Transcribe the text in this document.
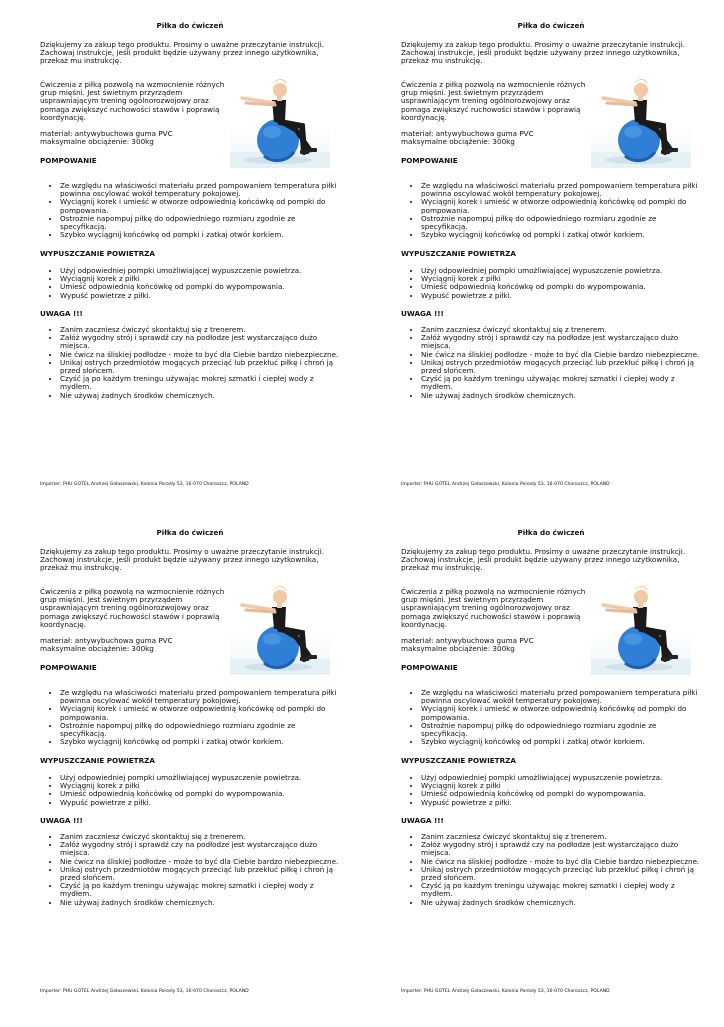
Piłka do ćwiczeń

Dziękujemy za zakup tego produktu. Prosimy o uważne przeczytanie instrukcji. Zachowaj instrukcje, jeśli produkt będzie używany przez innego użytkownika, przekaż mu instrukcję.

Ćwiczenia z piłką pozwolą na wzmocnienie różnych grup mięśni. Jest świetnym przyrządem usprawniającym trening ogólnorozwojowy oraz pomaga zwiększyć ruchowości stawów i poprawią koordynację.

materiał: antywybuchowa guma PVC
maksymalne obciążenie: 300kg

POMPOWANIE

• Ze względu na właściwości materiału przed pompowaniem temperatura piłki powinna oscylować wokół temperatury pokojowej.
• Wyciągnij korek i umieść w otworze odpowiednią końcówkę od pompki do pompowania.
• Ostrożnie napompuj piłkę do odpowiedniego rozmiaru zgodnie ze specyfikacją.
• Szybko wyciągnij końcówkę od pompki i zatkaj otwór korkiem.

WYPUSZCZANIE POWIETRZA

• Użyj odpowiedniej pompki umożliwiającej wypuszczenie powietrza.
• Wyciągnij korek z piłki
• Umieść odpowiednią końcówkę od pompki do wypompowania.
• Wypuść powietrze z piłki.

UWAGA !!!

• Zanim zaczniesz ćwiczyć skontaktuj się z trenerem.
• Załóż wygodny strój i sprawdź czy na podłodze jest wystarczająco dużo miejsca.
• Nie ćwicz na śliskiej podłodze - może to być dla Ciebie bardzo niebezpieczne.
• Unikaj ostrych przedmiotów mogących przeciąć lub przekłuć piłkę i chroń ją przed słońcem.
• Czyść ją po każdym treningu używając mokrej szmatki i ciepłej wody z mydłem.
• Nie używaj żadnych środków chemicznych.

Importer: PHU GOTEL Andrzej Gołaszewski, Kolonia Porosły 53, 16-070 Choroszcz, POLAND

Piłka do ćwiczeń

Dziękujemy za zakup tego produktu. Prosimy o uważne przeczytanie instrukcji. Zachowaj instrukcje, jeśli produkt będzie używany przez innego użytkownika, przekaż mu instrukcję.

Ćwiczenia z piłką pozwolą na wzmocnienie różnych grup mięśni. Jest świetnym przyrządem usprawniającym trening ogólnorozwojowy oraz pomaga zwiększyć ruchowości stawów i poprawią koordynację.

materiał: antywybuchowa guma PVC
maksymalne obciążenie: 300kg

POMPOWANIE

• Ze względu na właściwości materiału przed pompowaniem temperatura piłki powinna oscylować wokół temperatury pokojowej.
• Wyciągnij korek i umieść w otworze odpowiednią końcówkę od pompki do pompowania.
• Ostrożnie napompuj piłkę do odpowiedniego rozmiaru zgodnie ze specyfikacją.
• Szybko wyciągnij końcówkę od pompki i zatkaj otwór korkiem.

WYPUSZCZANIE POWIETRZA

• Użyj odpowiedniej pompki umożliwiającej wypuszczenie powietrza.
• Wyciągnij korek z piłki
• Umieść odpowiednią końcówkę od pompki do wypompowania.
• Wypuść powietrze z piłki.

UWAGA !!!

• Zanim zaczniesz ćwiczyć skontaktuj się z trenerem.
• Załóż wygodny strój i sprawdź czy na podłodze jest wystarczająco dużo miejsca.
• Nie ćwicz na śliskiej podłodze - może to być dla Ciebie bardzo niebezpieczne.
• Unikaj ostrych przedmiotów mogących przeciąć lub przekłuć piłkę i chroń ją przed słońcem.
• Czyść ją po każdym treningu używając mokrej szmatki i ciepłej wody z mydłem.
• Nie używaj żadnych środków chemicznych.

Importer: PHU GOTEL Andrzej Gołaszewski, Kolonia Porosły 53, 16-070 Choroszcz, POLAND

Piłka do ćwiczeń

Dziękujemy za zakup tego produktu. Prosimy o uważne przeczytanie instrukcji. Zachowaj instrukcje, jeśli produkt będzie używany przez innego użytkownika, przekaż mu instrukcję.

Ćwiczenia z piłką pozwolą na wzmocnienie różnych grup mięśni. Jest świetnym przyrządem usprawniającym trening ogólnorozwojowy oraz pomaga zwiększyć ruchowości stawów i poprawią koordynację.

materiał: antywybuchowa guma PVC
maksymalne obciążenie: 300kg

POMPOWANIE

• Ze względu na właściwości materiału przed pompowaniem temperatura piłki powinna oscylować wokół temperatury pokojowej.
• Wyciągnij korek i umieść w otworze odpowiednią końcówkę od pompki do pompowania.
• Ostrożnie napompuj piłkę do odpowiedniego rozmiaru zgodnie ze specyfikacją.
• Szybko wyciągnij końcówkę od pompki i zatkaj otwór korkiem.

WYPUSZCZANIE POWIETRZA

• Użyj odpowiedniej pompki umożliwiającej wypuszczenie powietrza.
• Wyciągnij korek z piłki
• Umieść odpowiednią końcówkę od pompki do wypompowania.
• Wypuść powietrze z piłki.

UWAGA !!!

• Zanim zaczniesz ćwiczyć skontaktuj się z trenerem.
• Załóż wygodny strój i sprawdź czy na podłodze jest wystarczająco dużo miejsca.
• Nie ćwicz na śliskiej podłodze - może to być dla Ciebie bardzo niebezpieczne.
• Unikaj ostrych przedmiotów mogących przeciąć lub przekłuć piłkę i chroń ją przed słońcem.
• Czyść ją po każdym treningu używając mokrej szmatki i ciepłej wody z mydłem.
• Nie używaj żadnych środków chemicznych.

Importer: PHU GOTEL Andrzej Gołaszewski, Kolonia Porosły 53, 16-070 Choroszcz, POLAND

Piłka do ćwiczeń

Dziękujemy za zakup tego produktu. Prosimy o uważne przeczytanie instrukcji. Zachowaj instrukcje, jeśli produkt będzie używany przez innego użytkownika, przekaż mu instrukcję.

Ćwiczenia z piłką pozwolą na wzmocnienie różnych grup mięśni. Jest świetnym przyrządem usprawniającym trening ogólnorozwojowy oraz pomaga zwiększyć ruchowości stawów i poprawią koordynację.

materiał: antywybuchowa guma PVC
maksymalne obciążenie: 300kg

POMPOWANIE

• Ze względu na właściwości materiału przed pompowaniem temperatura piłki powinna oscylować wokół temperatury pokojowej.
• Wyciągnij korek i umieść w otworze odpowiednią końcówkę od pompki do pompowania.
• Ostrożnie napompuj piłkę do odpowiedniego rozmiaru zgodnie ze specyfikacją.
• Szybko wyciągnij końcówkę od pompki i zatkaj otwór korkiem.

WYPUSZCZANIE POWIETRZA

• Użyj odpowiedniej pompki umożliwiającej wypuszczenie powietrza.
• Wyciągnij korek z piłki
• Umieść odpowiednią końcówkę od pompki do wypompowania.
• Wypuść powietrze z piłki.

UWAGA !!!

• Zanim zaczniesz ćwiczyć skontaktuj się z trenerem.
• Załóż wygodny strój i sprawdź czy na podłodze jest wystarczająco dużo miejsca.
• Nie ćwicz na śliskiej podłodze - może to być dla Ciebie bardzo niebezpieczne.
• Unikaj ostrych przedmiotów mogących przeciąć lub przekłuć piłkę i chroń ją przed słońcem.
• Czyść ją po każdym treningu używając mokrej szmatki i ciepłej wody z mydłem.
• Nie używaj żadnych środków chemicznych.

Importer: PHU GOTEL Andrzej Gołaszewski, Kolonia Porosły 53, 16-070 Choroszcz, POLAND
